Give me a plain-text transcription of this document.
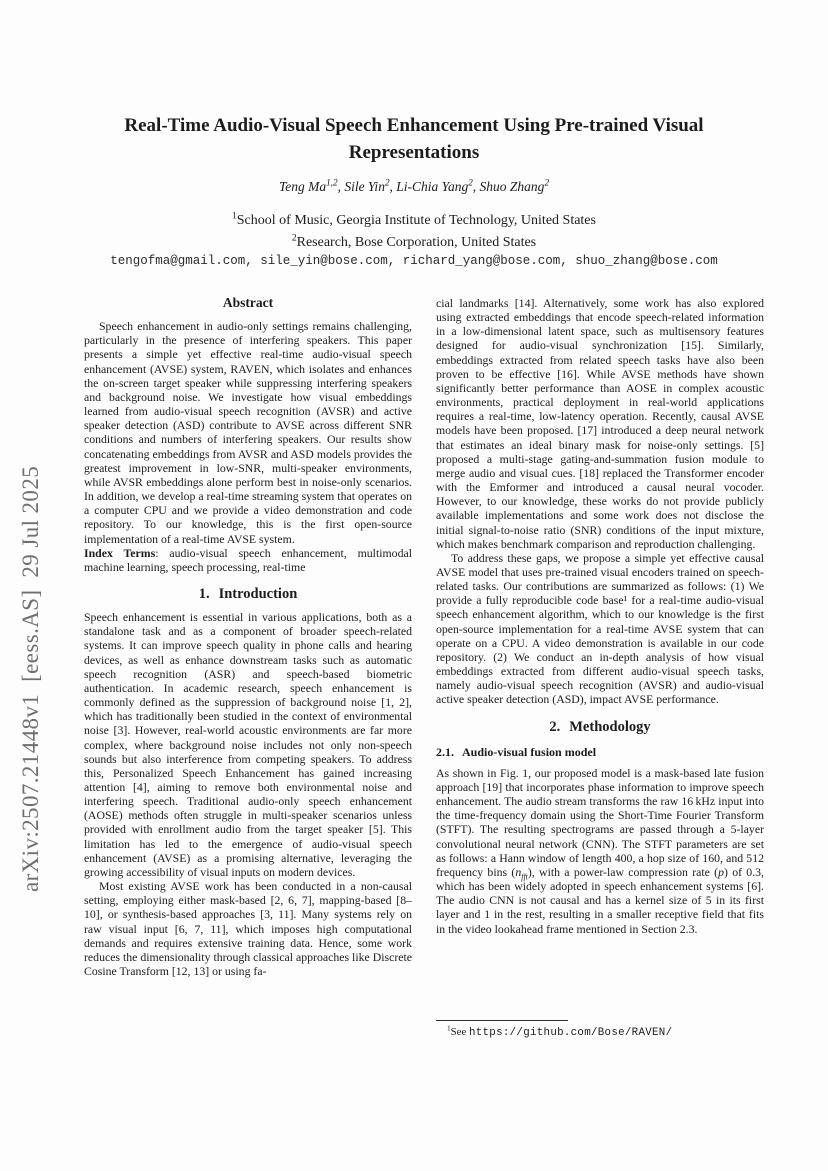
arXiv:2507.21448v1 [eess.AS] 29 Jul 2025
Real-Time Audio-Visual Speech Enhancement Using Pre-trained Visual
Representations
Teng Ma$^{1,2}$, Sile Yin$^2$, Li-Chia Yang$^2$, Shuo Zhang$^2$
$^1$School of Music, Georgia Institute of Technology, United States
$^2$Research, Bose Corporation, United States
tengofma@gmail.com, sile_yin@bose.com, richard_yang@bose.com, shuo_zhang@bose.com
Abstract

Speech enhancement in audio-only settings remains challenging, particularly in the presence of interfering speakers. This paper presents a simple yet effective real-time audio-visual speech enhancement (AVSE) system, RAVEN, which isolates and enhances the on-screen target speaker while suppressing interfering speakers and background noise. We investigate how visual embeddings learned from audio-visual speech recognition (AVSR) and active speaker detection (ASD) contribute to AVSE across different SNR conditions and numbers of interfering speakers. Our results show concatenating embeddings from AVSR and ASD models provides the greatest improvement in low-SNR, multi-speaker environments, while AVSR embeddings alone perform best in noise-only scenarios. In addition, we develop a real-time streaming system that operates on a computer CPU and we provide a video demonstration and code repository. To our knowledge, this is the first open-source implementation of a real-time AVSE system.

Index Terms: audio-visual speech enhancement, multimodal machine learning, speech processing, real-time

1. Introduction

Speech enhancement is essential in various applications, both as a standalone task and as a component of broader speech-related systems. It can improve speech quality in phone calls and hearing devices, as well as enhance downstream tasks such as automatic speech recognition (ASR) and speech-based biometric authentication. In academic research, speech enhancement is commonly defined as the suppression of background noise [1, 2], which has traditionally been studied in the context of environmental noise [3]. However, real-world acoustic environments are far more complex, where background noise includes not only non-speech sounds but also interference from competing speakers. To address this, Personalized Speech Enhancement has gained increasing attention [4], aiming to remove both environmental noise and interfering speech. Traditional audio-only speech enhancement (AOSE) methods often struggle in multi-speaker scenarios unless provided with enrollment audio from the target speaker [5]. This limitation has led to the emergence of audio-visual speech enhancement (AVSE) as a promising alternative, leveraging the growing accessibility of visual inputs on modern devices.

Most existing AVSE work has been conducted in a non-causal setting, employing either mask-based [2, 6, 7], mapping-based [8–10], or synthesis-based approaches [3, 11]. Many systems rely on raw visual input [6, 7, 11], which imposes high computational demands and requires extensive training data. Hence, some work reduces the dimensionality through classical approaches like Discrete Cosine Transform [12, 13] or using fa-

cial landmarks [14]. Alternatively, some work has also explored using extracted embeddings that encode speech-related information in a low-dimensional latent space, such as multisensory features designed for audio-visual synchronization [15]. Similarly, embeddings extracted from related speech tasks have also been proven to be effective [16]. While AVSE methods have shown significantly better performance than AOSE in complex acoustic environments, practical deployment in real-world applications requires a real-time, low-latency operation. Recently, causal AVSE models have been proposed. [17] introduced a deep neural network that estimates an ideal binary mask for noise-only settings. [5] proposed a multi-stage gating-and-summation fusion module to merge audio and visual cues. [18] replaced the Transformer encoder with the Emformer and introduced a causal neural vocoder. However, to our knowledge, these works do not provide publicly available implementations and some work does not disclose the initial signal-to-noise ratio (SNR) conditions of the input mixture, which makes benchmark comparison and reproduction challenging.

To address these gaps, we propose a simple yet effective causal AVSE model that uses pre-trained visual encoders trained on speech-related tasks. Our contributions are summarized as follows: (1) We provide a fully reproducible code base¹ for a real-time audio-visual speech enhancement algorithm, which to our knowledge is the first open-source implementation for a real-time AVSE system that can operate on a CPU. A video demonstration is available in our code repository. (2) We conduct an in-depth analysis of how visual embeddings extracted from different audio-visual speech tasks, namely audio-visual speech recognition (AVSR) and audio-visual active speaker detection (ASD), impact AVSE performance.

2. Methodology
2.1. Audio-visual fusion model

As shown in Fig. 1, our proposed model is a mask-based late fusion approach [19] that incorporates phase information to improve speech enhancement. The audio stream transforms the raw 16 kHz input into the time-frequency domain using the Short-Time Fourier Transform (STFT). The resulting spectrograms are passed through a 5-layer convolutional neural network (CNN). The STFT parameters are set as follows: a Hann window of length 400, a hop size of 160, and 512 frequency bins $(n_{fft})$, with a power-law compression rate (p) of 0.3, which has been widely adopted in speech enhancement systems [6]. The audio CNN is not causal and has a kernel size of 5 in its first layer and 1 in the rest, resulting in a smaller receptive field that fits in the video lookahead frame mentioned in Section 2.3.

$^1$See https://github.com/Bose/RAVEN/
